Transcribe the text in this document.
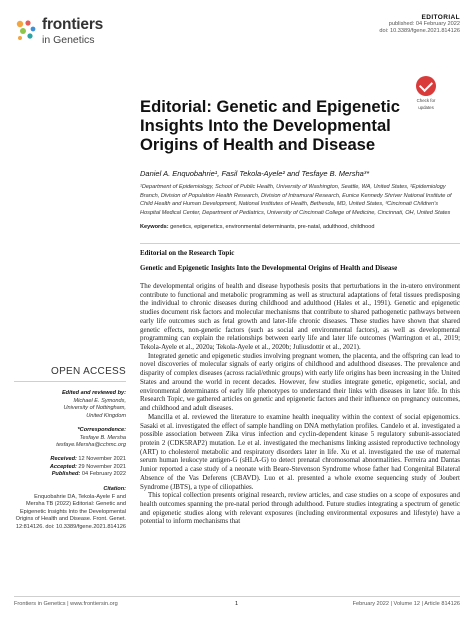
frontiers
in Genetics
EDITORIAL
published: 04 February 2022
doi: 10.3389/fgene.2021.814126
Check for
updates
Editorial: Genetic and Epigenetic Insights Into the Developmental Origins of Health and Disease
Daniel A. Enquobahrie¹, Fasil Tekola-Ayele² and Tesfaye B. Mersha³*
¹Department of Epidemiology, School of Public Health, University of Washington, Seattle, WA, United States, ²Epidemiology Branch, Division of Population Health Research, Division of Intramural Research, Eunice Kennedy Shriver National Institute of Child Health and Human Development, National Institutes of Health, Bethesda, MD, United States, ³Cincinnati Children's Hospital Medical Center, Department of Pediatrics, University of Cincinnati College of Medicine, Cincinnati, OH, United States
Keywords: genetics, epigenetics, environmental determinants, pre-natal, adulthood, childhood
Editorial on the Research Topic
Genetic and Epigenetic Insights Into the Developmental Origins of Health and Disease

The developmental origins of health and disease hypothesis posits that perturbations in the in-utero environment contribute to functional and metabolic programming as well as structural adaptations of fetal tissues predisposing the individual to chronic diseases during childhood and adulthood (Hales et al., 1991). Genetic and epigenetic studies document risk factors and molecular mechanisms that contribute to shared pathogenetic pathways between early life outcomes such as fetal growth and later-life chronic diseases. These studies have shown that shared genetic effects, non-genetic factors (such as social and environmental factors), as well as developmental programming can explain the relationships between early life and later life outcomes (Warrington et al., 2019; Tekola-Ayele et al., 2020a; Tekola-Ayele et al., 2020b; Juliusdottir et al., 2021).

Integrated genetic and epigenetic studies involving pregnant women, the placenta, and the offspring can lead to novel discoveries of molecular signals of early origins of childhood and adulthood diseases. The prevalence and disparity of complex diseases (across racial/ethnic groups) with early life origins has been increasing in the United States and around the world in recent decades. However, few studies integrate genetic, epigenetic, social, and environmental determinants of early life phenotypes to understand their links with diseases in later life. In this Research Topic, we gathered articles on genetic and epigenetic factors and their influence on pregnancy outcomes, and childhood and adult diseases.

Mancilla et al. reviewed the literature to examine health inequality within the context of social epigenomics. Sasaki et al. investigated the effect of sample handling on DNA methylation profiles. Candelo et al. investigated a possible association between Zika virus infection and cyclin-dependent kinase 5 regulatory subunit-associated protein 2 (CDK5RAP2) mutation. Le et al. investigated the mechanisms linking assisted reproductive technology (ART) to cholesterol metabolic and respiratory disorders later in life. Xu et al. investigated the use of maternal serum human leukocyte antigen-G (sHLA-G) to detect prenatal chromosomal abnormalities. Ferreira and Dantas Junior reported a case study of a neonate with Beare-Stevenson Syndrome whose father had Congenital Bilateral Absence of the Vas Deferens (CBAVD). Luo et al. presented a whole exome sequencing study of Joubert Syndrome (JBTS), a type of ciliopathies.

This topical collection presents original research, review articles, and case studies on a scope of exposures and health outcomes spanning the pre-natal period through adulthood. Future studies integrating a spectrum of genetic and epigenetic studies along with relevant exposures (including environmental exposures and lifestyle) have a potential to inform mechanisms that

OPEN ACCESS
Edited and reviewed by:
Michael E. Symonds,
University of Nottingham,
United Kingdom
*Correspondence:
Tesfaye B. Mersha
tesfaye.Mersha@cchmc.org
Received: 12 November 2021
Accepted: 29 November 2021
Published: 04 February 2022
Citation:
Enquobahrie DA, Tekola-Ayele F and Mersha TB (2022) Editorial: Genetic and Epigenetic Insights Into the Developmental Origins of Health and Disease. Front. Genet. 12:814126. doi: 10.3389/fgene.2021.814126
Frontiers in Genetics | www.frontiersin.org	1	February 2022 | Volume 12 | Article 814126
